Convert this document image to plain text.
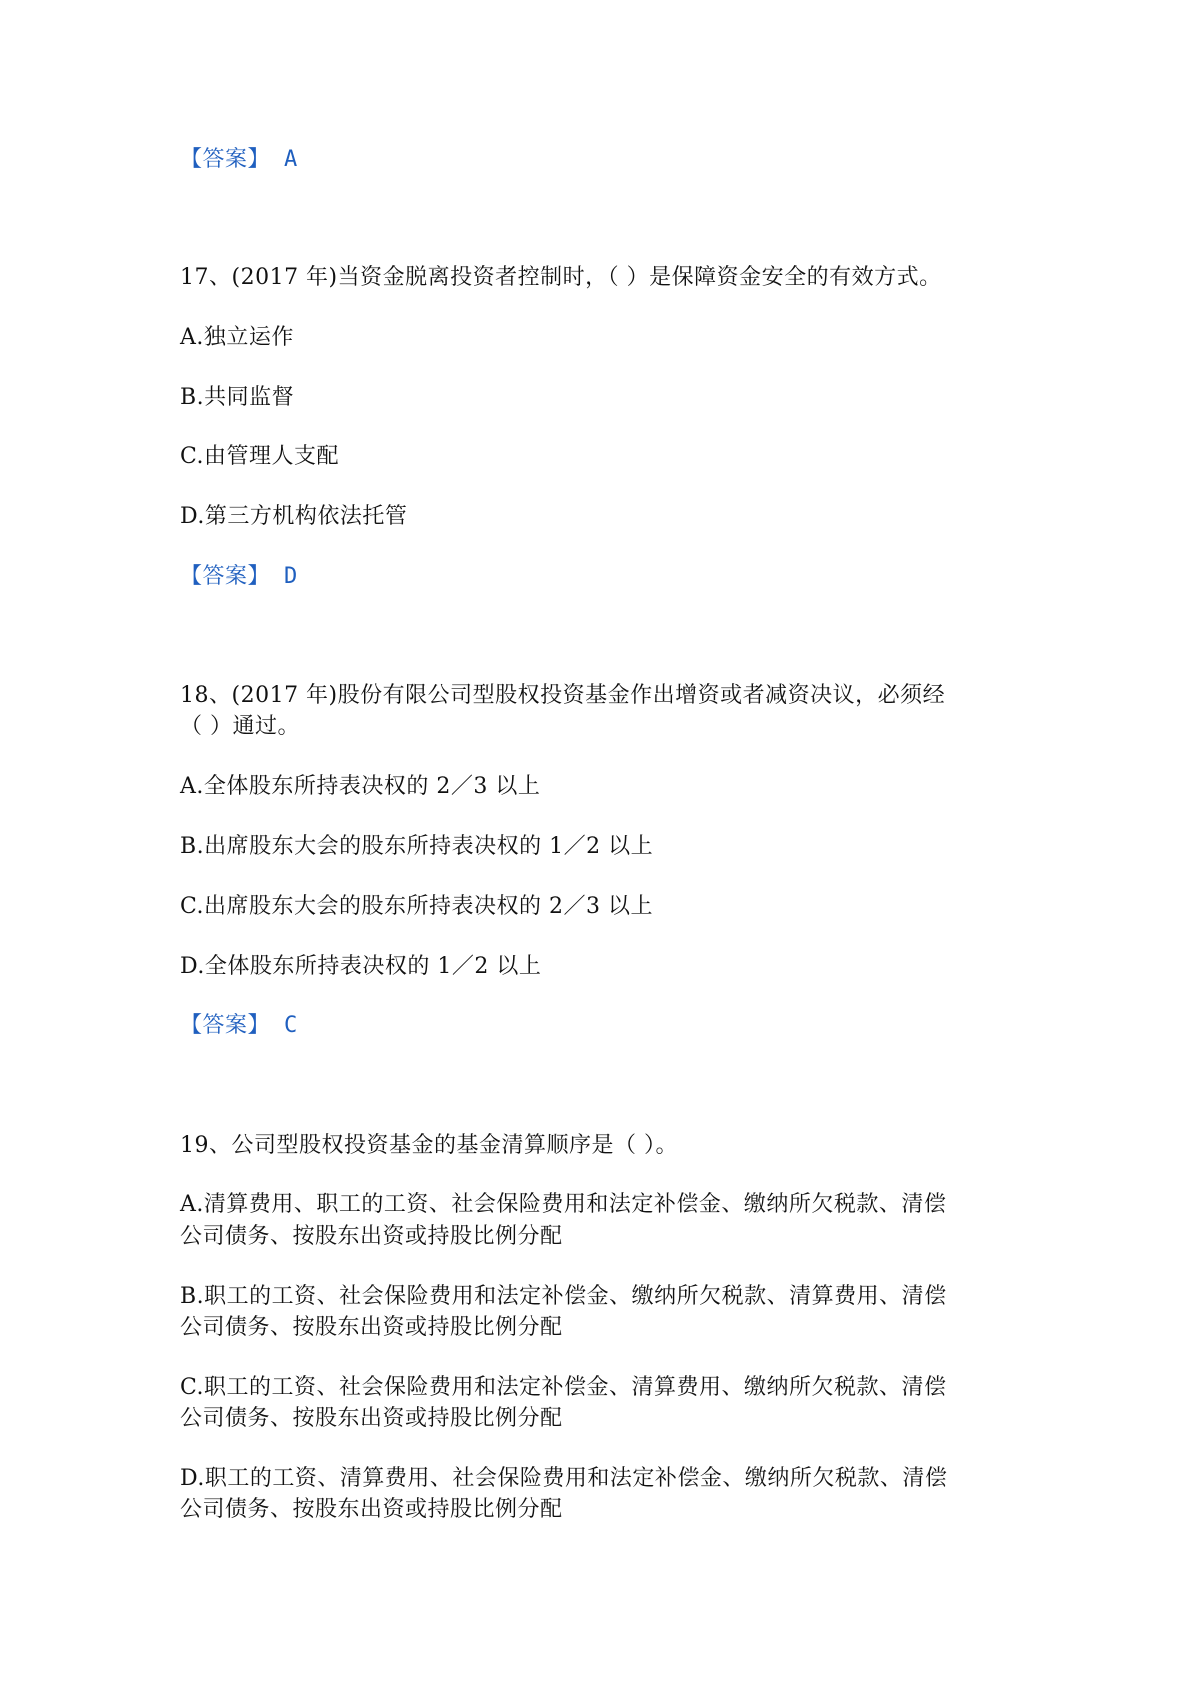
【答案】 A
17、(2017 年)当资金脱离投资者控制时，（ ）是保障资金安全的有效方式。
A.独立运作
B.共同监督
C.由管理人支配
D.第三方机构依法托管
【答案】 D
18、(2017 年)股份有限公司型股权投资基金作出增资或者减资决议，必须经
（ ）通过。
A.全体股东所持表决权的 2／3 以上
B.出席股东大会的股东所持表决权的 1／2 以上
C.出席股东大会的股东所持表决权的 2／3 以上
D.全体股东所持表决权的 1／2 以上
【答案】 C
19、公司型股权投资基金的基金清算顺序是（ ）。
A.清算费用、职工的工资、社会保险费用和法定补偿金、缴纳所欠税款、清偿
公司债务、按股东出资或持股比例分配
B.职工的工资、社会保险费用和法定补偿金、缴纳所欠税款、清算费用、清偿
公司债务、按股东出资或持股比例分配
C.职工的工资、社会保险费用和法定补偿金、清算费用、缴纳所欠税款、清偿
公司债务、按股东出资或持股比例分配
D.职工的工资、清算费用、社会保险费用和法定补偿金、缴纳所欠税款、清偿
公司债务、按股东出资或持股比例分配
